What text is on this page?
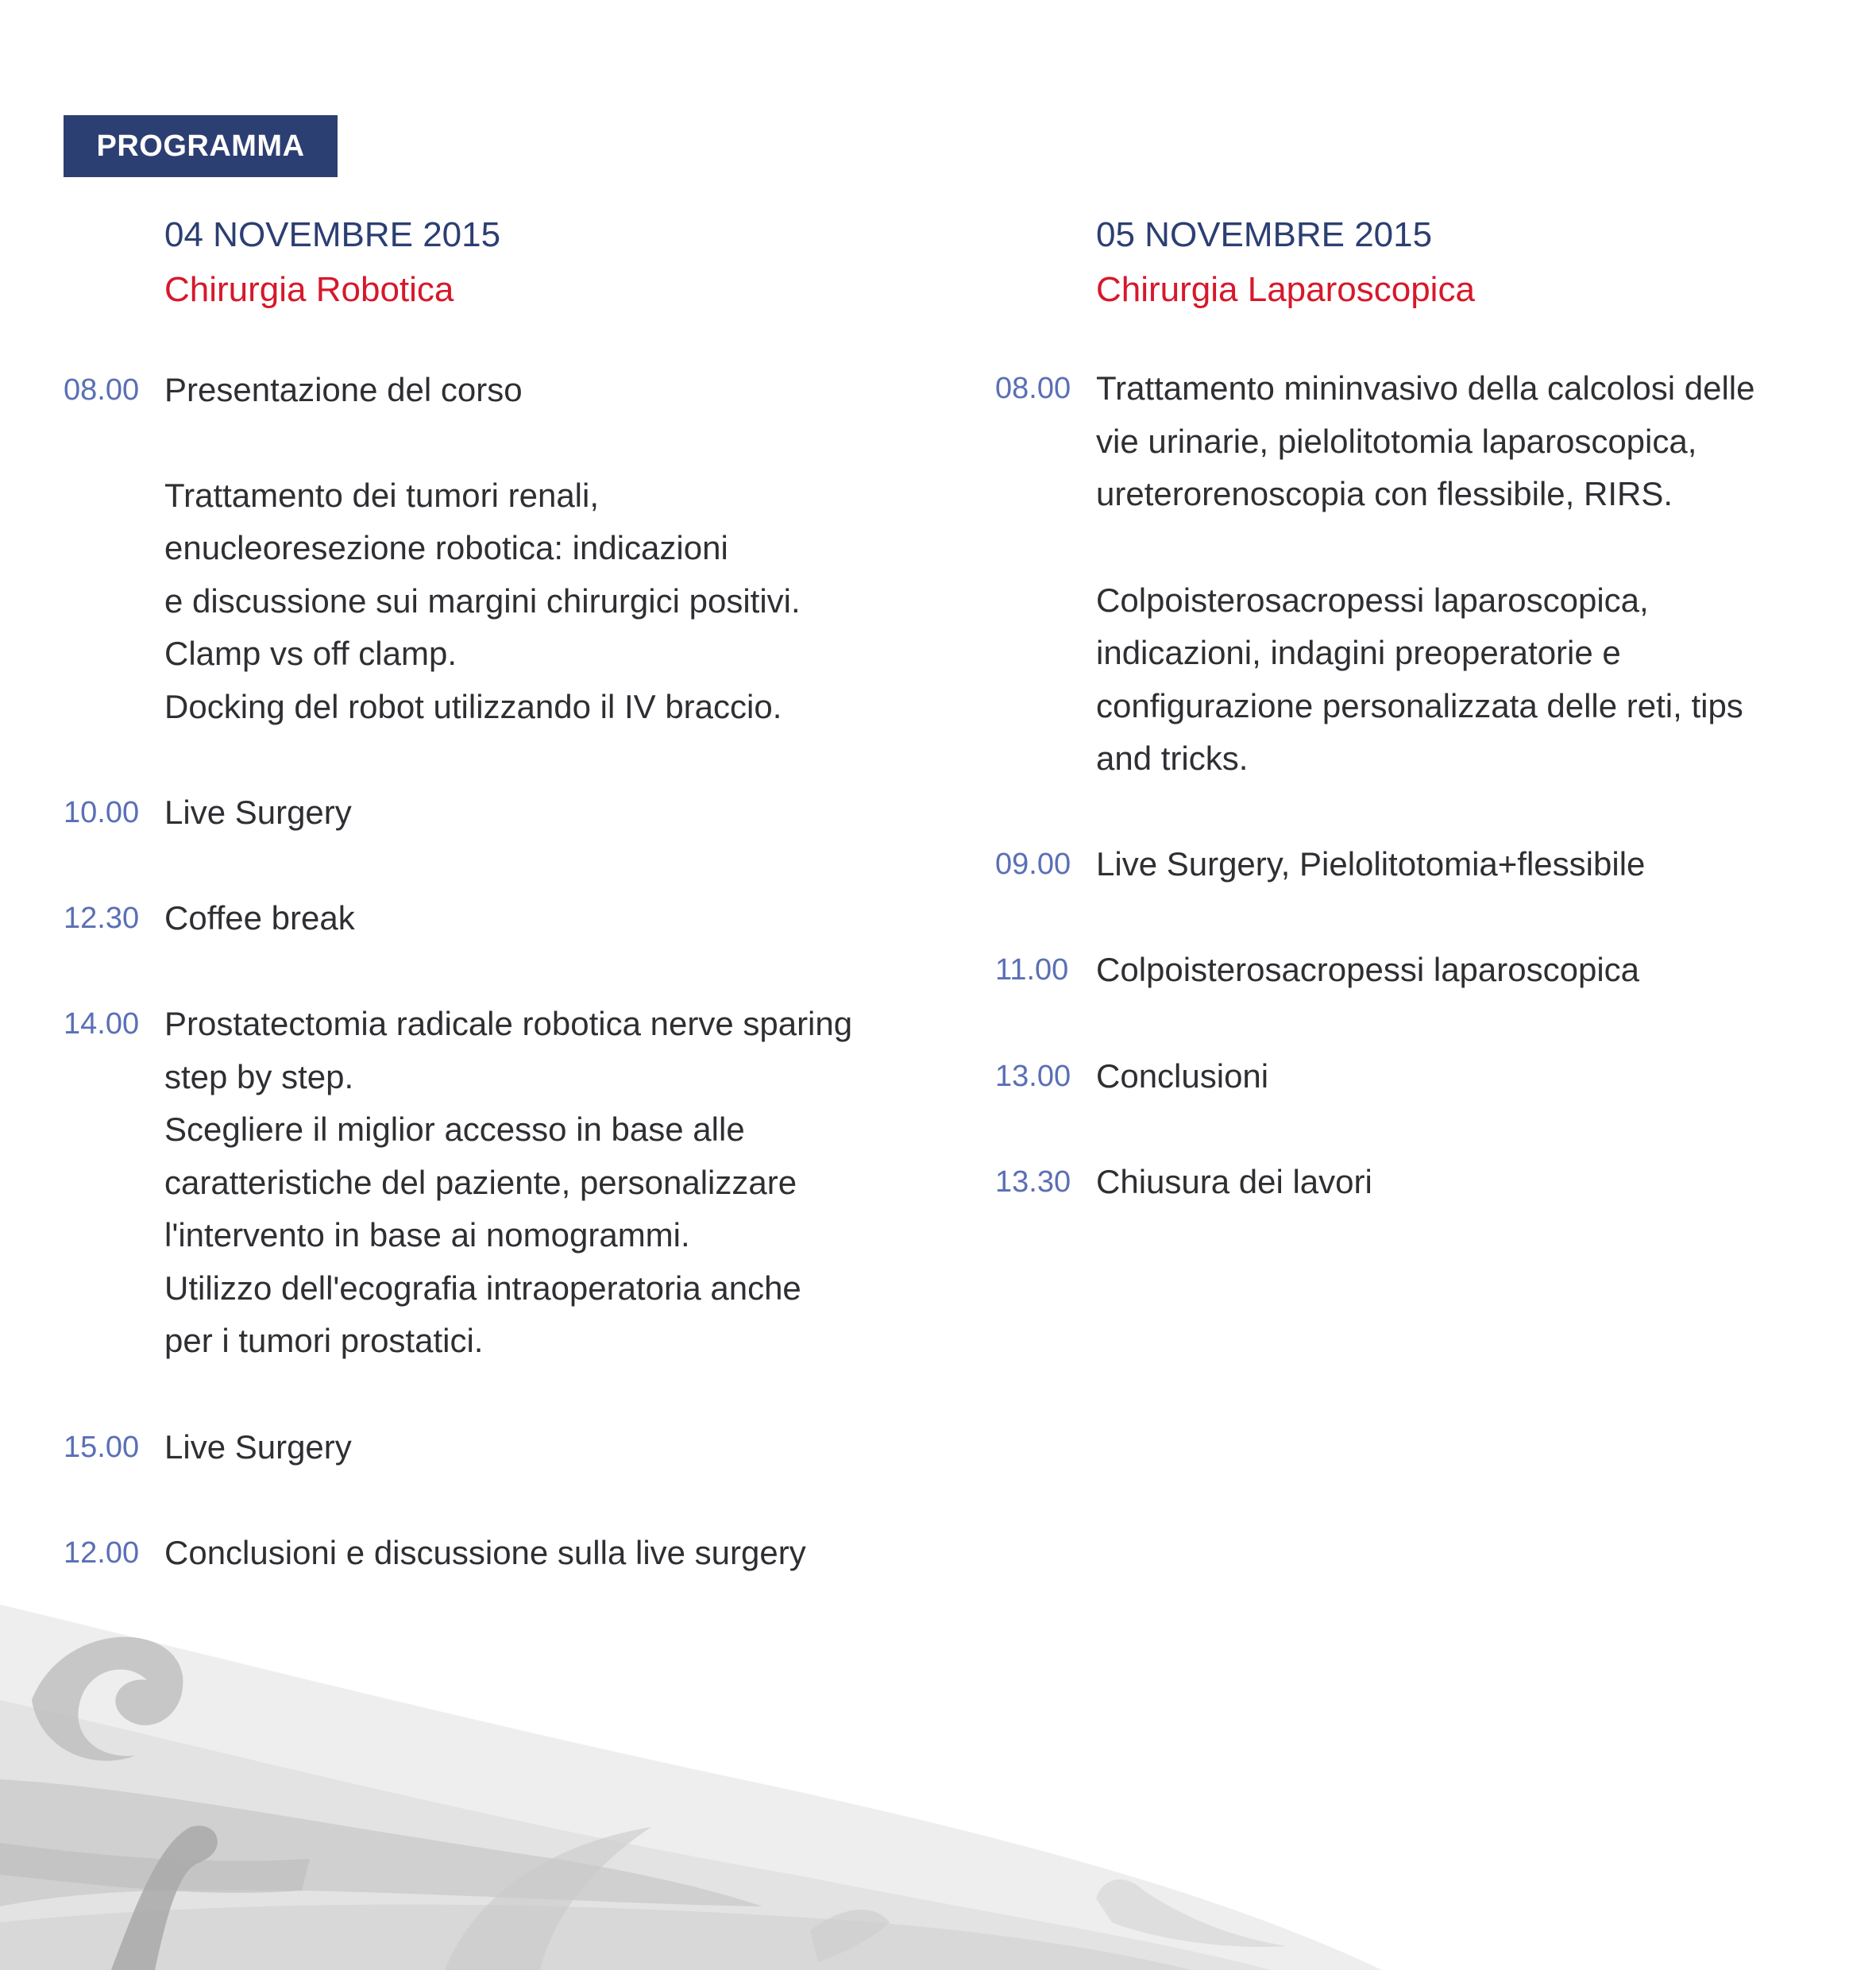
PROGRAMMA
04 NOVEMBRE 2015
Chirurgia Robotica
08.00 Presentazione del corso
Trattamento dei tumori renali,
enucleoresezione robotica: indicazioni
e discussione sui margini chirurgici positivi.
Clamp vs off clamp.
Docking del robot utilizzando il IV braccio.
10.00 Live Surgery
12.30 Coffee break
14.00 Prostatectomia radicale robotica nerve sparing
step by step.
Scegliere il miglior accesso in base alle
caratteristiche del paziente, personalizzare
l'intervento in base ai nomogrammi.
Utilizzo dell'ecografia intraoperatoria anche
per i tumori prostatici.
15.00 Live Surgery
12.00 Conclusioni e discussione sulla live surgery
05 NOVEMBRE 2015
Chirurgia Laparoscopica
08.00 Trattamento mininvasivo della calcolosi delle
vie urinarie, pielolitotomia laparoscopica,
ureterorenoscopia con flessibile, RIRS.
Colpoisterosacropessi laparoscopica,
indicazioni, indagini preoperatorie e
configurazione personalizzata delle reti, tips
and tricks.
09.00 Live Surgery, Pielolitotomia+flessibile
11.00 Colpoisterosacropessi laparoscopica
13.00 Conclusioni
13.30 Chiusura dei lavori
